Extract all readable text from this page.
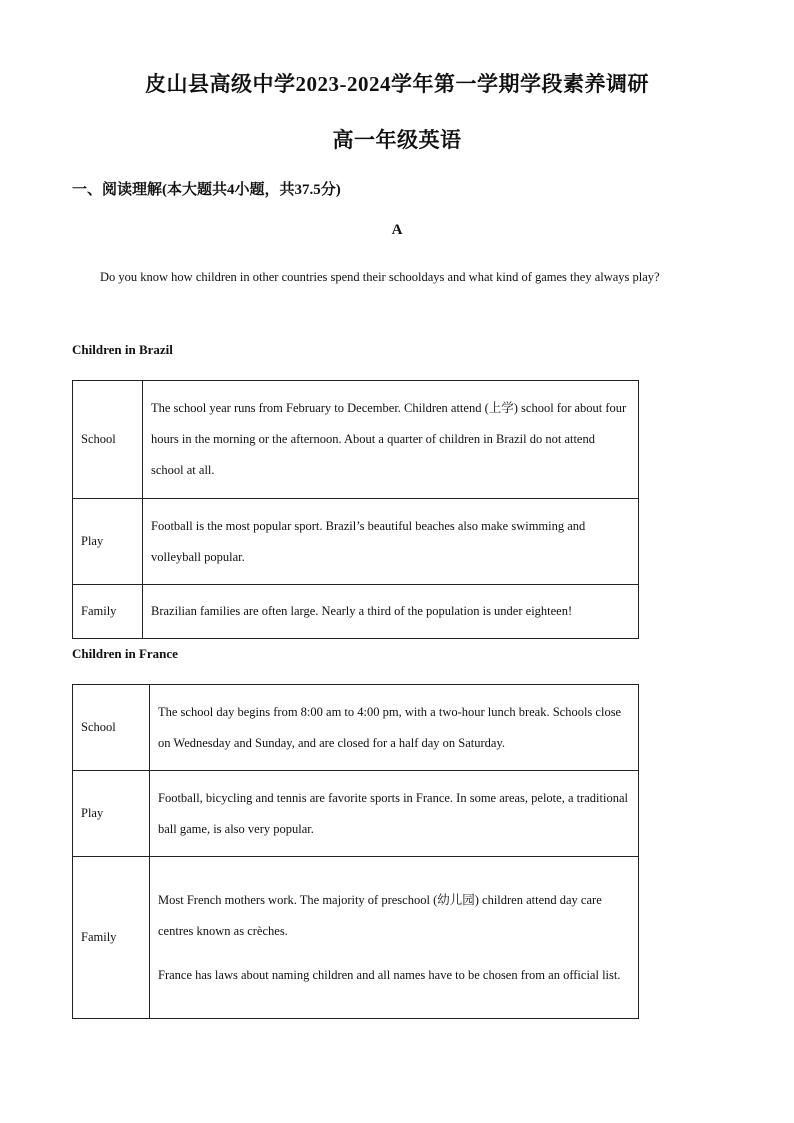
皮山县高级中学2023-2024学年第一学期学段素养调研
高一年级英语
一、阅读理解(本大题共4小题，共37.5分)
A
Do you know how children in other countries spend their schooldays and what kind of games they always play?
Children in Brazil
School	The school year runs from February to December. Children attend (上学) school for about four hours in the morning or the afternoon. About a quarter of children in Brazil do not attend school at all.
Play	Football is the most popular sport. Brazil’s beautiful beaches also make swimming and volleyball popular.
Family	Brazilian families are often large. Nearly a third of the population is under eighteen!
Children in France
School	The school day begins from 8:00 am to 4:00 pm, with a two-hour lunch break. Schools close on Wednesday and Sunday, and are closed for a half day on Saturday.
Play	Football, bicycling and tennis are favorite sports in France. In some areas, pelote, a traditional ball game, is also very popular.
Family	Most French mothers work. The majority of preschool (幼儿园) children attend day care centres known as crèches.
France has laws about naming children and all names have to be chosen from an official list.
